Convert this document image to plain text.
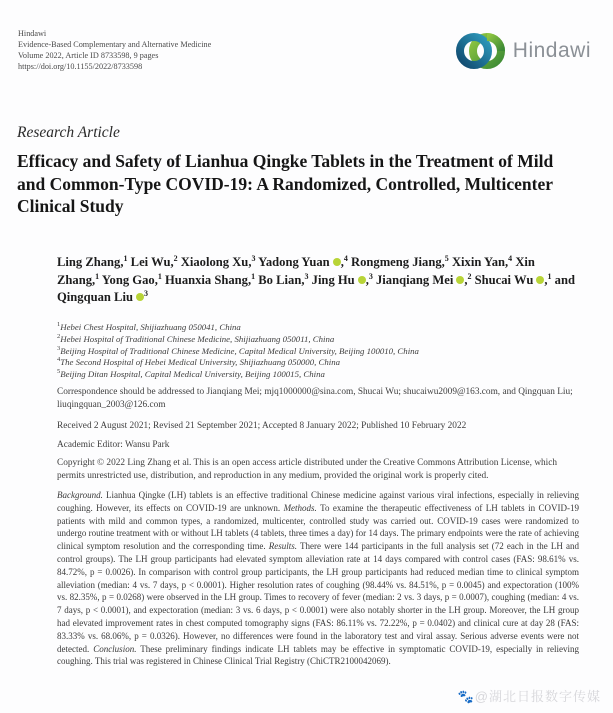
Hindawi
Evidence-Based Complementary and Alternative Medicine
Volume 2022, Article ID 8733598, 9 pages
https://doi.org/10.1155/2022/8733598
Hindawi
Research Article
Efficacy and Safety of Lianhua Qingke Tablets in the Treatment of Mild and Common-Type COVID-19: A Randomized, Controlled, Multicenter Clinical Study
Ling Zhang,$^1$ Lei Wu,$^2$ Xiaolong Xu,$^3$ Yadong Yuan ,$^4$ Rongmeng Jiang,$^5$ Xixin Yan,$^4$ Xin Zhang,$^1$ Yong Gao,$^1$ Huanxia Shang,$^1$ Bo Lian,$^3$ Jing Hu ,$^3$ Jianqiang Mei ,$^2$ Shucai Wu ,$^1$ and Qingquan Liu $^3$
$^1$Hebei Chest Hospital, Shijiazhuang 050041, China
$^2$Hebei Hospital of Traditional Chinese Medicine, Shijiazhuang 050011, China
$^3$Beijing Hospital of Traditional Chinese Medicine, Capital Medical University, Beijing 100010, China
$^4$The Second Hospital of Hebei Medical University, Shijiazhuang 050000, China
$^5$Beijing Ditan Hospital, Capital Medical University, Beijing 100015, China
Correspondence should be addressed to Jianqiang Mei; mjq1000000@sina.com, Shucai Wu; shucaiwu2009@163.com, and Qingquan Liu; liuqingquan_2003@126.com
Received 2 August 2021; Revised 21 September 2021; Accepted 8 January 2022; Published 10 February 2022
Academic Editor: Wansu Park
Copyright © 2022 Ling Zhang et al. This is an open access article distributed under the Creative Commons Attribution License, which permits unrestricted use, distribution, and reproduction in any medium, provided the original work is properly cited.
Background. Lianhua Qingke (LH) tablets is an effective traditional Chinese medicine against various viral infections, especially in relieving coughing. However, its effects on COVID-19 are unknown. Methods. To examine the therapeutic effectiveness of LH tablets in COVID-19 patients with mild and common types, a randomized, multicenter, controlled study was carried out. COVID-19 cases were randomized to undergo routine treatment with or without LH tablets (4 tablets, three times a day) for 14 days. The primary endpoints were the rate of achieving clinical symptom resolution and the corresponding time. Results. There were 144 participants in the full analysis set (72 each in the LH and control groups). The LH group participants had elevated symptom alleviation rate at 14 days compared with control cases (FAS: 98.61% vs. 84.72%, p = 0.0026). In comparison with control group participants, the LH group participants had reduced median time to clinical symptom alleviation (median: 4 vs. 7 days, p < 0.0001). Higher resolution rates of coughing (98.44% vs. 84.51%, p = 0.0045) and expectoration (100% vs. 82.35%, p = 0.0268) were observed in the LH group. Times to recovery of fever (median: 2 vs. 3 days, p = 0.0007), coughing (median: 4 vs. 7 days, p < 0.0001), and expectoration (median: 3 vs. 6 days, p < 0.0001) were also notably shorter in the LH group. Moreover, the LH group had elevated improvement rates in chest computed tomography signs (FAS: 86.11% vs. 72.22%, p = 0.0402) and clinical cure at day 28 (FAS: 83.33% vs. 68.06%, p = 0.0326). However, no differences were found in the laboratory test and viral assay. Serious adverse events were not detected. Conclusion. These preliminary findings indicate LH tablets may be effective in symptomatic COVID-19, especially in relieving coughing. This trial was registered in Chinese Clinical Trial Registry (ChiCTR2100042069).
🐾@湖北日报数字传媒
